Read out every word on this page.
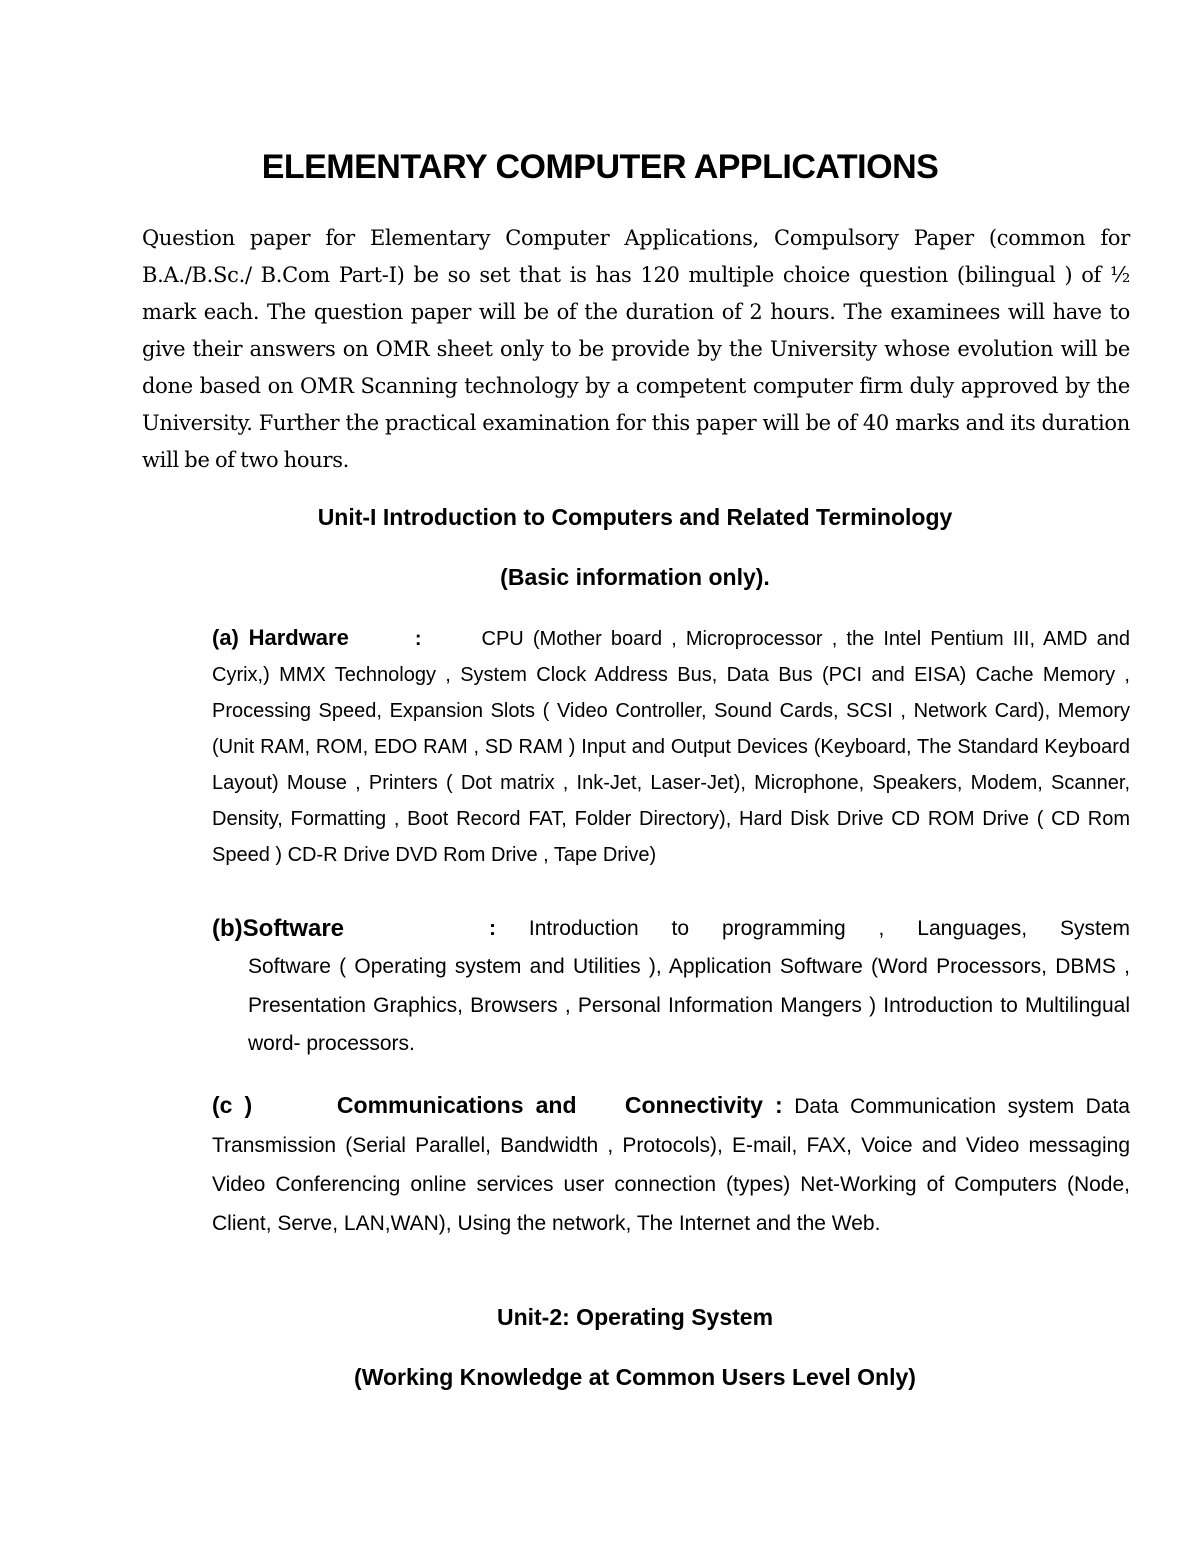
ELEMENTARY COMPUTER APPLICATIONS

Question paper for Elementary Computer Applications, Compulsory Paper (common for B.A./B.Sc./ B.Com Part-I) be so set that is has 120 multiple choice question (bilingual ) of ½ mark each. The question paper will be of the duration of 2 hours. The examinees will have to give their answers on OMR sheet only to be provide by the University whose evolution will be done based on OMR Scanning technology by a competent computer firm duly approved by the University. Further the practical examination for this paper will be of 40 marks and its duration will be of two hours.

Unit-I Introduction to Computers and Related Terminology

(Basic information only).

(a) Hardware	:	CPU (Mother board , Microprocessor , the Intel Pentium III, AMD and Cyrix,) MMX Technology , System Clock Address Bus, Data Bus (PCI and EISA) Cache Memory , Processing Speed, Expansion Slots ( Video Controller, Sound Cards, SCSI , Network Card), Memory (Unit RAM, ROM, EDO RAM , SD RAM ) Input and Output Devices (Keyboard, The Standard Keyboard Layout) Mouse , Printers ( Dot matrix , Ink-Jet, Laser-Jet), Microphone, Speakers, Modem, Scanner, Density, Formatting , Boot Record FAT, Folder Directory), Hard Disk Drive CD ROM Drive ( CD Rom Speed ) CD-R Drive DVD Rom Drive , Tape Drive)

(b)Software	: Introduction to programming , Languages, System

Software ( Operating system and Utilities ), Application Software (Word Processors, DBMS , Presentation Graphics, Browsers , Personal Information Mangers ) Introduction to Multilingual word- processors.

(c )       Communications and    Connectivity : Data Communication system Data Transmission (Serial Parallel, Bandwidth , Protocols), E-mail, FAX, Voice and Video messaging Video Conferencing online services user connection (types) Net-Working of Computers (Node, Client, Serve, LAN,WAN), Using the network, The Internet and the Web.

Unit-2: Operating System

(Working Knowledge at Common Users Level Only)
